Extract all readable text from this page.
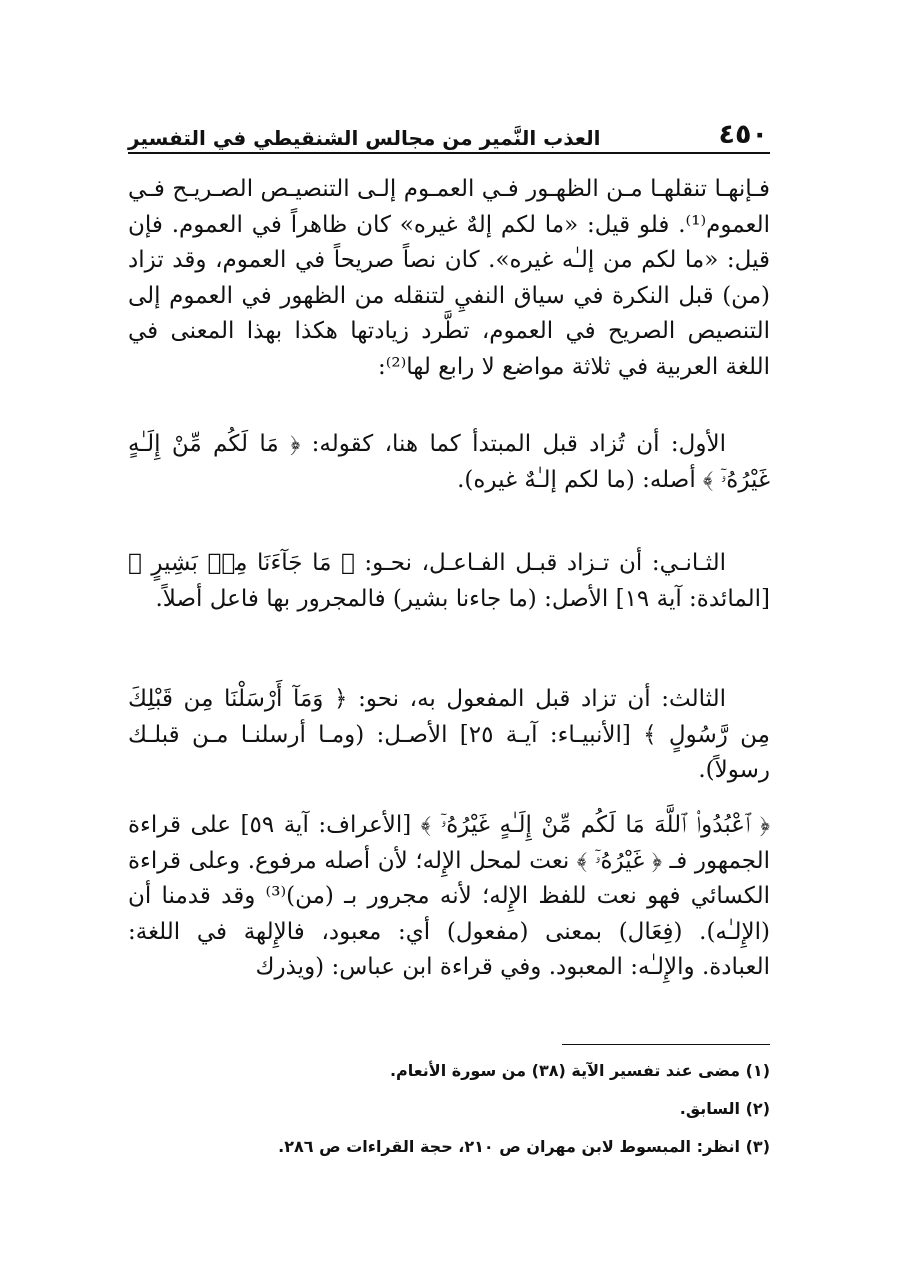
٤٥٠
العذب النَّمير من مجالس الشنقيطي في التفسير

فـإنهـا تنقلهـا مـن الظهـور فـي العمـوم إلـى التنصيـص الصـريـح فـي العموم⁽¹⁾. فلو قيل: «ما لكم إلهٌ غيره» كان ظاهراً في العموم. فإن قيل: «ما لكم من إلـٰه غيره». كان نصاً صريحاً في العموم، وقد تزاد (من) قبل النكرة في سياق النفيِ لتنقله من الظهور في العموم إلى التنصيص الصريح في العموم، تطَّرد زيادتها هكذا بهذا المعنى في اللغة العربية في ثلاثة مواضع لا رابع لها⁽²⁾:

الأول: أن تُزاد قبل المبتدأ كما هنا، كقوله: ﴿ مَا لَكُم مِّنْ إِلَـٰهٍ غَيْرُهُۥٓ ﴾ أصله: (ما لكم إلـٰهٌ غيره).

الثـانـي: أن تـزاد قبـل الفـاعـل، نحـو: ﴿ مَا جَآءَنَا مِنۢ بَشِيرٍ ﴾ [المائدة: آية ١٩] الأصل: (ما جاءنا بشير) فالمجرور بها فاعل أصلاً.

الثالث: أن تزاد قبل المفعول به، نحو: ﴿ وَمَآ أَرْسَلْنَا مِن قَبْلِكَ مِن رَّسُولٍ ﴾ [الأنبيـاء: آيـة ٢٥] الأصـل: (ومـا أرسلنـا مـن قبلـك رسولاً).

﴿ ٱعْبُدُوا۟ ٱللَّهَ مَا لَكُم مِّنْ إِلَـٰهٍ غَيْرُهُۥٓ ﴾ [الأعراف: آية ٥٩] على قراءة الجمهور فـ ﴿ غَيْرُهُۥٓ ﴾ نعت لمحل الإِله؛ لأن أصله مرفوع. وعلى قراءة الكسائي فهو نعت للفظ الإِله؛ لأنه مجرور بـ (من)⁽³⁾ وقد قدمنا أن (الإِلـٰه). (فِعَال) بمعنى (مفعول) أي: معبود، فالإِلهة في اللغة: العبادة. والإِلـٰه: المعبود. وفي قراءة ابن عباس: (ويذرك

(١) مضى عند تفسير الآية (٣٨) من سورة الأنعام.
(٢) السابق.
(٣) انظر: المبسوط لابن مهران ص ٢١٠، حجة القراءات ص ٢٨٦.
